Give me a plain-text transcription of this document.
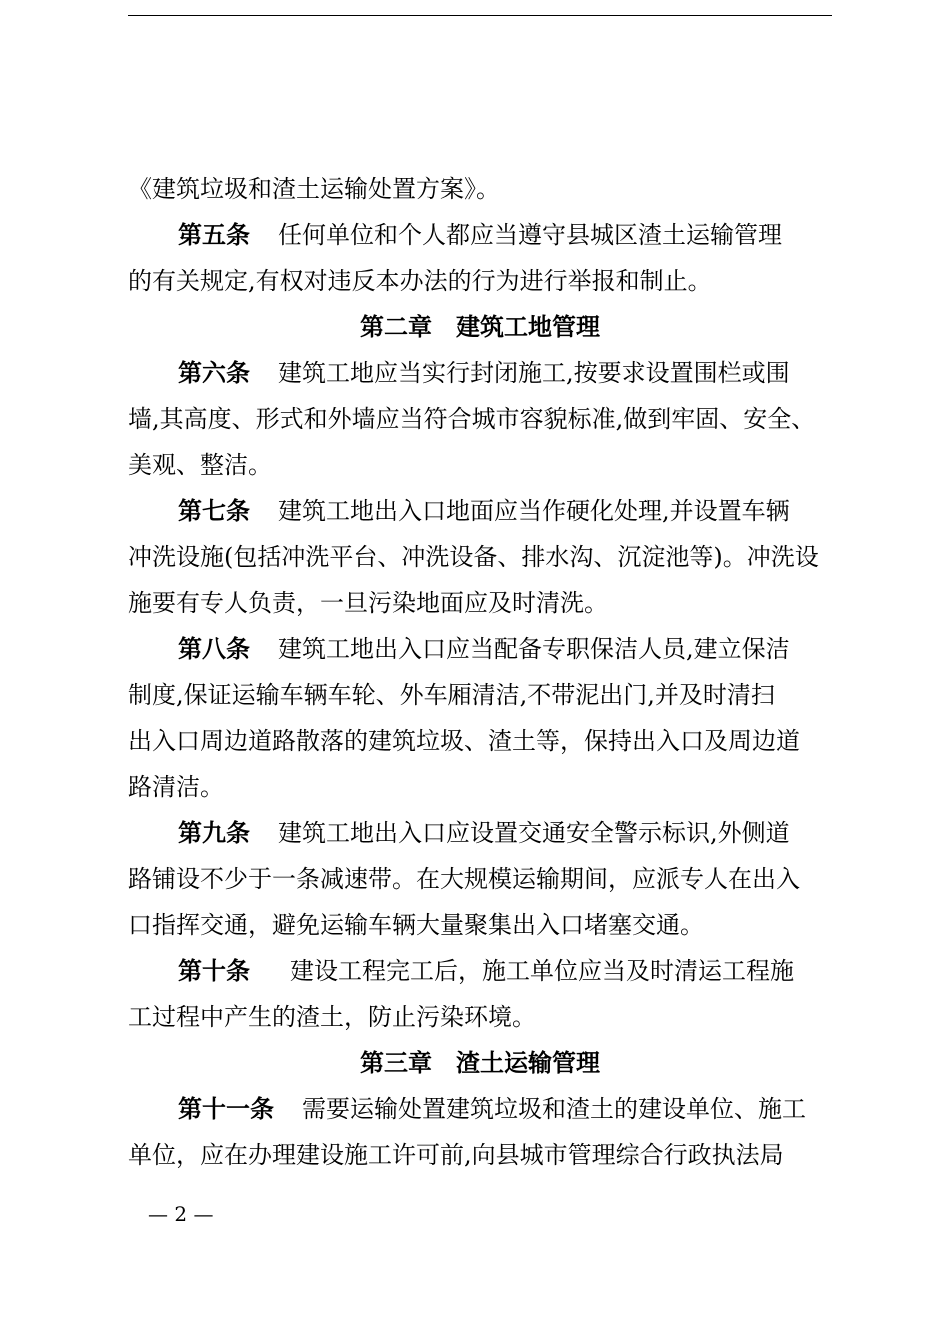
《建筑垃圾和渣土运输处置方案》。
第五条 任何单位和个人都应当遵守县城区渣土运输管理
的有关规定,有权对违反本办法的行为进行举报和制止。
第二章 建筑工地管理
第六条 建筑工地应当实行封闭施工,按要求设置围栏或围
墙,其高度、形式和外墙应当符合城市容貌标准,做到牢固、安全、
美观、整洁。
第七条 建筑工地出入口地面应当作硬化处理,并设置车辆
冲洗设施(包括冲洗平台、冲洗设备、排水沟、沉淀池等)。冲洗设
施要有专人负责，一旦污染地面应及时清洗。
第八条 建筑工地出入口应当配备专职保洁人员,建立保洁
制度,保证运输车辆车轮、外车厢清洁,不带泥出门,并及时清扫
出入口周边道路散落的建筑垃圾、渣土等，保持出入口及周边道
路清洁。
第九条 建筑工地出入口应设置交通安全警示标识,外侧道
路铺设不少于一条减速带。在大规模运输期间，应派专人在出入
口指挥交通，避免运输车辆大量聚集出入口堵塞交通。
第十条 建设工程完工后，施工单位应当及时清运工程施
工过程中产生的渣土，防止污染环境。
第三章 渣土运输管理
第十一条 需要运输处置建筑垃圾和渣土的建设单位、施工
单位，应在办理建设施工许可前,向县城市管理综合行政执法局
— 2 —
